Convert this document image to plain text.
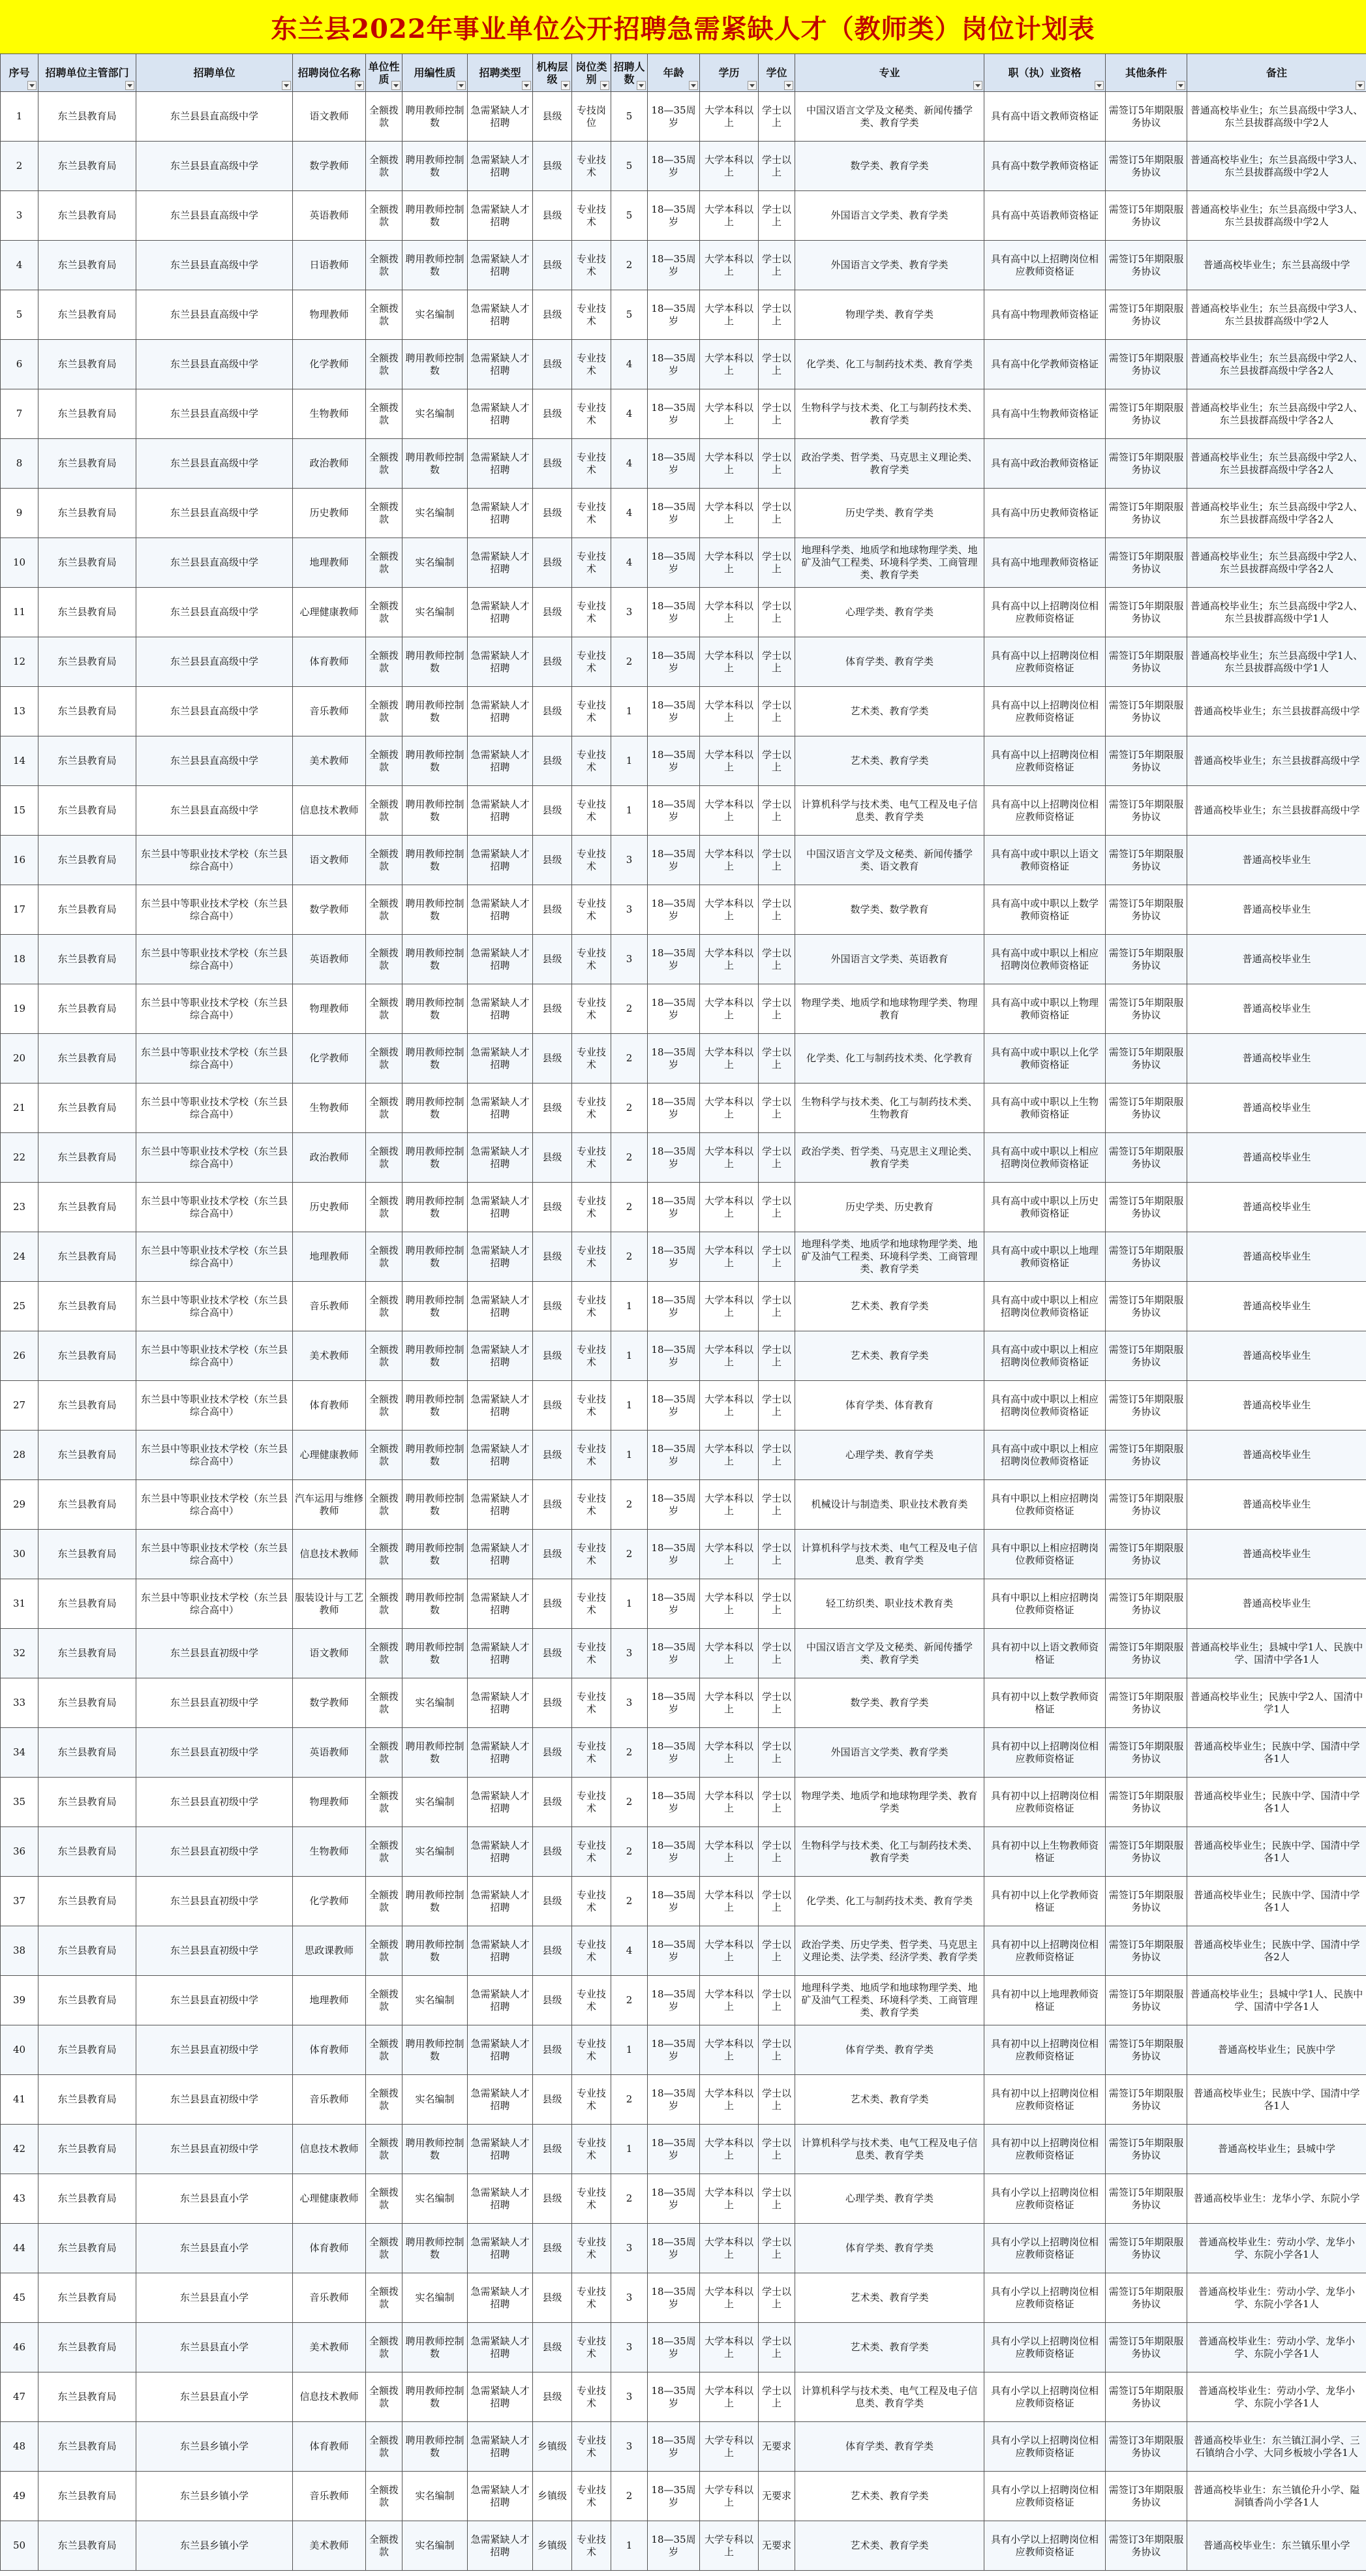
东兰县2022年事业单位公开招聘急需紧缺人才（教师类）岗位计划表
序号	招聘单位主管部门	招聘单位	招聘岗位名称	单位性质	用编性质	招聘类型	机构层级	岗位类别	招聘人数	年龄	学历	学位	专业	职（执）业资格	其他条件	备注

1	东兰县教育局	东兰县县直高级中学	语文教师	全额拨款	聘用教师控制数	急需紧缺人才招聘	县级	专技岗位	5	18—35周岁	大学本科以上	学士以上	中国汉语言文学及文秘类、新闻传播学类、教育学类	具有高中语文教师资格证	需签订5年期限服务协议	普通高校毕业生；东兰县高级中学3人、东兰县拔群高级中学2人
2	东兰县教育局	东兰县县直高级中学	数学教师	全额拨款	聘用教师控制数	急需紧缺人才招聘	县级	专业技术	5	18—35周岁	大学本科以上	学士以上	数学类、教育学类	具有高中数学教师资格证	需签订5年期限服务协议	普通高校毕业生；东兰县高级中学3人、东兰县拔群高级中学2人
3	东兰县教育局	东兰县县直高级中学	英语教师	全额拨款	聘用教师控制数	急需紧缺人才招聘	县级	专业技术	5	18—35周岁	大学本科以上	学士以上	外国语言文学类、教育学类	具有高中英语教师资格证	需签订5年期限服务协议	普通高校毕业生；东兰县高级中学3人、东兰县拔群高级中学2人
4	东兰县教育局	东兰县县直高级中学	日语教师	全额拨款	聘用教师控制数	急需紧缺人才招聘	县级	专业技术	2	18—35周岁	大学本科以上	学士以上	外国语言文学类、教育学类	具有高中以上招聘岗位相应教师资格证	需签订5年期限服务协议	普通高校毕业生；东兰县高级中学
5	东兰县教育局	东兰县县直高级中学	物理教师	全额拨款	实名编制	急需紧缺人才招聘	县级	专业技术	5	18—35周岁	大学本科以上	学士以上	物理学类、教育学类	具有高中物理教师资格证	需签订5年期限服务协议	普通高校毕业生；东兰县高级中学3人、东兰县拔群高级中学2人
6	东兰县教育局	东兰县县直高级中学	化学教师	全额拨款	聘用教师控制数	急需紧缺人才招聘	县级	专业技术	4	18—35周岁	大学本科以上	学士以上	化学类、化工与制药技术类、教育学类	具有高中化学教师资格证	需签订5年期限服务协议	普通高校毕业生；东兰县高级中学2人、东兰县拔群高级中学各2人
7	东兰县教育局	东兰县县直高级中学	生物教师	全额拨款	实名编制	急需紧缺人才招聘	县级	专业技术	4	18—35周岁	大学本科以上	学士以上	生物科学与技术类、化工与制药技术类、教育学类	具有高中生物教师资格证	需签订5年期限服务协议	普通高校毕业生；东兰县高级中学2人、东兰县拔群高级中学各2人
8	东兰县教育局	东兰县县直高级中学	政治教师	全额拨款	聘用教师控制数	急需紧缺人才招聘	县级	专业技术	4	18—35周岁	大学本科以上	学士以上	政治学类、哲学类、马克思主义理论类、教育学类	具有高中政治教师资格证	需签订5年期限服务协议	普通高校毕业生；东兰县高级中学2人、东兰县拔群高级中学各2人
9	东兰县教育局	东兰县县直高级中学	历史教师	全额拨款	实名编制	急需紧缺人才招聘	县级	专业技术	4	18—35周岁	大学本科以上	学士以上	历史学类、教育学类	具有高中历史教师资格证	需签订5年期限服务协议	普通高校毕业生；东兰县高级中学2人、东兰县拔群高级中学各2人
10	东兰县教育局	东兰县县直高级中学	地理教师	全额拨款	实名编制	急需紧缺人才招聘	县级	专业技术	4	18—35周岁	大学本科以上	学士以上	地理科学类、地质学和地球物理学类、地矿及油气工程类、环境科学类、工商管理类、教育学类	具有高中地理教师资格证	需签订5年期限服务协议	普通高校毕业生；东兰县高级中学2人、东兰县拔群高级中学各2人
11	东兰县教育局	东兰县县直高级中学	心理健康教师	全额拨款	实名编制	急需紧缺人才招聘	县级	专业技术	3	18—35周岁	大学本科以上	学士以上	心理学类、教育学类	具有高中以上招聘岗位相应教师资格证	需签订5年期限服务协议	普通高校毕业生；东兰县高级中学2人、东兰县拔群高级中学1人
12	东兰县教育局	东兰县县直高级中学	体育教师	全额拨款	聘用教师控制数	急需紧缺人才招聘	县级	专业技术	2	18—35周岁	大学本科以上	学士以上	体育学类、教育学类	具有高中以上招聘岗位相应教师资格证	需签订5年期限服务协议	普通高校毕业生；东兰县高级中学1人、东兰县拔群高级中学1人
13	东兰县教育局	东兰县县直高级中学	音乐教师	全额拨款	聘用教师控制数	急需紧缺人才招聘	县级	专业技术	1	18—35周岁	大学本科以上	学士以上	艺术类、教育学类	具有高中以上招聘岗位相应教师资格证	需签订5年期限服务协议	普通高校毕业生；东兰县拔群高级中学
14	东兰县教育局	东兰县县直高级中学	美术教师	全额拨款	聘用教师控制数	急需紧缺人才招聘	县级	专业技术	1	18—35周岁	大学本科以上	学士以上	艺术类、教育学类	具有高中以上招聘岗位相应教师资格证	需签订5年期限服务协议	普通高校毕业生；东兰县拔群高级中学
15	东兰县教育局	东兰县县直高级中学	信息技术教师	全额拨款	聘用教师控制数	急需紧缺人才招聘	县级	专业技术	1	18—35周岁	大学本科以上	学士以上	计算机科学与技术类、电气工程及电子信息类、教育学类	具有高中以上招聘岗位相应教师资格证	需签订5年期限服务协议	普通高校毕业生；东兰县拔群高级中学
16	东兰县教育局	东兰县中等职业技术学校（东兰县综合高中）	语文教师	全额拨款	聘用教师控制数	急需紧缺人才招聘	县级	专业技术	3	18—35周岁	大学本科以上	学士以上	中国汉语言文学及文秘类、新闻传播学类、语文教育	具有高中或中职以上语文教师资格证	需签订5年期限服务协议	普通高校毕业生
17	东兰县教育局	东兰县中等职业技术学校（东兰县综合高中）	数学教师	全额拨款	聘用教师控制数	急需紧缺人才招聘	县级	专业技术	3	18—35周岁	大学本科以上	学士以上	数学类、数学教育	具有高中或中职以上数学教师资格证	需签订5年期限服务协议	普通高校毕业生
18	东兰县教育局	东兰县中等职业技术学校（东兰县综合高中）	英语教师	全额拨款	聘用教师控制数	急需紧缺人才招聘	县级	专业技术	3	18—35周岁	大学本科以上	学士以上	外国语言文学类、英语教育	具有高中或中职以上相应招聘岗位教师资格证	需签订5年期限服务协议	普通高校毕业生
19	东兰县教育局	东兰县中等职业技术学校（东兰县综合高中）	物理教师	全额拨款	聘用教师控制数	急需紧缺人才招聘	县级	专业技术	2	18—35周岁	大学本科以上	学士以上	物理学类、地质学和地球物理学类、物理教育	具有高中或中职以上物理教师资格证	需签订5年期限服务协议	普通高校毕业生
20	东兰县教育局	东兰县中等职业技术学校（东兰县综合高中）	化学教师	全额拨款	聘用教师控制数	急需紧缺人才招聘	县级	专业技术	2	18—35周岁	大学本科以上	学士以上	化学类、化工与制药技术类、化学教育	具有高中或中职以上化学教师资格证	需签订5年期限服务协议	普通高校毕业生
21	东兰县教育局	东兰县中等职业技术学校（东兰县综合高中）	生物教师	全额拨款	聘用教师控制数	急需紧缺人才招聘	县级	专业技术	2	18—35周岁	大学本科以上	学士以上	生物科学与技术类、化工与制药技术类、生物教育	具有高中或中职以上生物教师资格证	需签订5年期限服务协议	普通高校毕业生
22	东兰县教育局	东兰县中等职业技术学校（东兰县综合高中）	政治教师	全额拨款	聘用教师控制数	急需紧缺人才招聘	县级	专业技术	2	18—35周岁	大学本科以上	学士以上	政治学类、哲学类、马克思主义理论类、教育学类	具有高中或中职以上相应招聘岗位教师资格证	需签订5年期限服务协议	普通高校毕业生
23	东兰县教育局	东兰县中等职业技术学校（东兰县综合高中）	历史教师	全额拨款	聘用教师控制数	急需紧缺人才招聘	县级	专业技术	2	18—35周岁	大学本科以上	学士以上	历史学类、历史教育	具有高中或中职以上历史教师资格证	需签订5年期限服务协议	普通高校毕业生
24	东兰县教育局	东兰县中等职业技术学校（东兰县综合高中）	地理教师	全额拨款	聘用教师控制数	急需紧缺人才招聘	县级	专业技术	2	18—35周岁	大学本科以上	学士以上	地理科学类、地质学和地球物理学类、地矿及油气工程类、环境科学类、工商管理类、教育学类	具有高中或中职以上地理教师资格证	需签订5年期限服务协议	普通高校毕业生
25	东兰县教育局	东兰县中等职业技术学校（东兰县综合高中）	音乐教师	全额拨款	聘用教师控制数	急需紧缺人才招聘	县级	专业技术	1	18—35周岁	大学本科以上	学士以上	艺术类、教育学类	具有高中或中职以上相应招聘岗位教师资格证	需签订5年期限服务协议	普通高校毕业生
26	东兰县教育局	东兰县中等职业技术学校（东兰县综合高中）	美术教师	全额拨款	聘用教师控制数	急需紧缺人才招聘	县级	专业技术	1	18—35周岁	大学本科以上	学士以上	艺术类、教育学类	具有高中或中职以上相应招聘岗位教师资格证	需签订5年期限服务协议	普通高校毕业生
27	东兰县教育局	东兰县中等职业技术学校（东兰县综合高中）	体育教师	全额拨款	聘用教师控制数	急需紧缺人才招聘	县级	专业技术	1	18—35周岁	大学本科以上	学士以上	体育学类、体育教育	具有高中或中职以上相应招聘岗位教师资格证	需签订5年期限服务协议	普通高校毕业生
28	东兰县教育局	东兰县中等职业技术学校（东兰县综合高中）	心理健康教师	全额拨款	聘用教师控制数	急需紧缺人才招聘	县级	专业技术	1	18—35周岁	大学本科以上	学士以上	心理学类、教育学类	具有高中或中职以上相应招聘岗位教师资格证	需签订5年期限服务协议	普通高校毕业生
29	东兰县教育局	东兰县中等职业技术学校（东兰县综合高中）	汽车运用与维修教师	全额拨款	聘用教师控制数	急需紧缺人才招聘	县级	专业技术	2	18—35周岁	大学本科以上	学士以上	机械设计与制造类、职业技术教育类	具有中职以上相应招聘岗位教师资格证	需签订5年期限服务协议	普通高校毕业生
30	东兰县教育局	东兰县中等职业技术学校（东兰县综合高中）	信息技术教师	全额拨款	聘用教师控制数	急需紧缺人才招聘	县级	专业技术	2	18—35周岁	大学本科以上	学士以上	计算机科学与技术类、电气工程及电子信息类、教育学类	具有中职以上相应招聘岗位教师资格证	需签订5年期限服务协议	普通高校毕业生
31	东兰县教育局	东兰县中等职业技术学校（东兰县综合高中）	服装设计与工艺教师	全额拨款	聘用教师控制数	急需紧缺人才招聘	县级	专业技术	1	18—35周岁	大学本科以上	学士以上	轻工纺织类、职业技术教育类	具有中职以上相应招聘岗位教师资格证	需签订5年期限服务协议	普通高校毕业生
32	东兰县教育局	东兰县县直初级中学	语文教师	全额拨款	聘用教师控制数	急需紧缺人才招聘	县级	专业技术	3	18—35周岁	大学本科以上	学士以上	中国汉语言文学及文秘类、新闻传播学类、教育学类	具有初中以上语文教师资格证	需签订5年期限服务协议	普通高校毕业生；县城中学1人、民族中学、国清中学各1人
33	东兰县教育局	东兰县县直初级中学	数学教师	全额拨款	实名编制	急需紧缺人才招聘	县级	专业技术	3	18—35周岁	大学本科以上	学士以上	数学类、教育学类	具有初中以上数学教师资格证	需签订5年期限服务协议	普通高校毕业生；民族中学2人、国清中学1人
34	东兰县教育局	东兰县县直初级中学	英语教师	全额拨款	聘用教师控制数	急需紧缺人才招聘	县级	专业技术	2	18—35周岁	大学本科以上	学士以上	外国语言文学类、教育学类	具有初中以上招聘岗位相应教师资格证	需签订5年期限服务协议	普通高校毕业生；民族中学、国清中学各1人
35	东兰县教育局	东兰县县直初级中学	物理教师	全额拨款	实名编制	急需紧缺人才招聘	县级	专业技术	2	18—35周岁	大学本科以上	学士以上	物理学类、地质学和地球物理学类、教育学类	具有初中以上招聘岗位相应教师资格证	需签订5年期限服务协议	普通高校毕业生；民族中学、国清中学各1人
36	东兰县教育局	东兰县县直初级中学	生物教师	全额拨款	实名编制	急需紧缺人才招聘	县级	专业技术	2	18—35周岁	大学本科以上	学士以上	生物科学与技术类、化工与制药技术类、教育学类	具有初中以上生物教师资格证	需签订5年期限服务协议	普通高校毕业生；民族中学、国清中学各1人
37	东兰县教育局	东兰县县直初级中学	化学教师	全额拨款	聘用教师控制数	急需紧缺人才招聘	县级	专业技术	2	18—35周岁	大学本科以上	学士以上	化学类、化工与制药技术类、教育学类	具有初中以上化学教师资格证	需签订5年期限服务协议	普通高校毕业生；民族中学、国清中学各1人
38	东兰县教育局	东兰县县直初级中学	思政课教师	全额拨款	聘用教师控制数	急需紧缺人才招聘	县级	专业技术	4	18—35周岁	大学本科以上	学士以上	政治学类、历史学类、哲学类、马克思主义理论类、法学类、经济学类、教育学类	具有初中以上招聘岗位相应教师资格证	需签订5年期限服务协议	普通高校毕业生；民族中学、国清中学各2人
39	东兰县教育局	东兰县县直初级中学	地理教师	全额拨款	实名编制	急需紧缺人才招聘	县级	专业技术	2	18—35周岁	大学本科以上	学士以上	地理科学类、地质学和地球物理学类、地矿及油气工程类、环境科学类、工商管理类、教育学类	具有初中以上地理教师资格证	需签订5年期限服务协议	普通高校毕业生；县城中学1人、民族中学、国清中学各1人
40	东兰县教育局	东兰县县直初级中学	体育教师	全额拨款	聘用教师控制数	急需紧缺人才招聘	县级	专业技术	1	18—35周岁	大学本科以上	学士以上	体育学类、教育学类	具有初中以上招聘岗位相应教师资格证	需签订5年期限服务协议	普通高校毕业生；民族中学
41	东兰县教育局	东兰县县直初级中学	音乐教师	全额拨款	实名编制	急需紧缺人才招聘	县级	专业技术	2	18—35周岁	大学本科以上	学士以上	艺术类、教育学类	具有初中以上招聘岗位相应教师资格证	需签订5年期限服务协议	普通高校毕业生；民族中学、国清中学各1人
42	东兰县教育局	东兰县县直初级中学	信息技术教师	全额拨款	聘用教师控制数	急需紧缺人才招聘	县级	专业技术	1	18—35周岁	大学本科以上	学士以上	计算机科学与技术类、电气工程及电子信息类、教育学类	具有初中以上招聘岗位相应教师资格证	需签订5年期限服务协议	普通高校毕业生；县城中学
43	东兰县教育局	东兰县县直小学	心理健康教师	全额拨款	实名编制	急需紧缺人才招聘	县级	专业技术	2	18—35周岁	大学本科以上	学士以上	心理学类、教育学类	具有小学以上招聘岗位相应教师资格证	需签订5年期限服务协议	普通高校毕业生：龙华小学、东院小学
44	东兰县教育局	东兰县县直小学	体育教师	全额拨款	聘用教师控制数	急需紧缺人才招聘	县级	专业技术	3	18—35周岁	大学本科以上	学士以上	体育学类、教育学类	具有小学以上招聘岗位相应教师资格证	需签订5年期限服务协议	普通高校毕业生：劳动小学、龙华小学、东院小学各1人
45	东兰县教育局	东兰县县直小学	音乐教师	全额拨款	实名编制	急需紧缺人才招聘	县级	专业技术	3	18—35周岁	大学本科以上	学士以上	艺术类、教育学类	具有小学以上招聘岗位相应教师资格证	需签订5年期限服务协议	普通高校毕业生：劳动小学、龙华小学、东院小学各1人
46	东兰县教育局	东兰县县直小学	美术教师	全额拨款	聘用教师控制数	急需紧缺人才招聘	县级	专业技术	3	18—35周岁	大学本科以上	学士以上	艺术类、教育学类	具有小学以上招聘岗位相应教师资格证	需签订5年期限服务协议	普通高校毕业生：劳动小学、龙华小学、东院小学各1人
47	东兰县教育局	东兰县县直小学	信息技术教师	全额拨款	聘用教师控制数	急需紧缺人才招聘	县级	专业技术	3	18—35周岁	大学本科以上	学士以上	计算机科学与技术类、电气工程及电子信息类、教育学类	具有小学以上招聘岗位相应教师资格证	需签订5年期限服务协议	普通高校毕业生：劳动小学、龙华小学、东院小学各1人
48	东兰县教育局	东兰县乡镇小学	体育教师	全额拨款	聘用教师控制数	急需紧缺人才招聘	乡镇级	专业技术	3	18—35周岁	大学专科以上	无要求	体育学类、教育学类	具有小学以上招聘岗位相应教师资格证	需签订3年期限服务协议	普通高校毕业生：东兰镇江洞小学、三石镇纳合小学、大同乡板坡小学各1人
49	东兰县教育局	东兰县乡镇小学	音乐教师	全额拨款	实名编制	急需紧缺人才招聘	乡镇级	专业技术	2	18—35周岁	大学专科以上	无要求	艺术类、教育学类	具有小学以上招聘岗位相应教师资格证	需签订3年期限服务协议	普通高校毕业生：东兰镇伦升小学、隘洞镇香尚小学各1人
50	东兰县教育局	东兰县乡镇小学	美术教师	全额拨款	实名编制	急需紧缺人才招聘	乡镇级	专业技术	1	18—35周岁	大学专科以上	无要求	艺术类、教育学类	具有小学以上招聘岗位相应教师资格证	需签订3年期限服务协议	普通高校毕业生：东兰镇乐里小学
